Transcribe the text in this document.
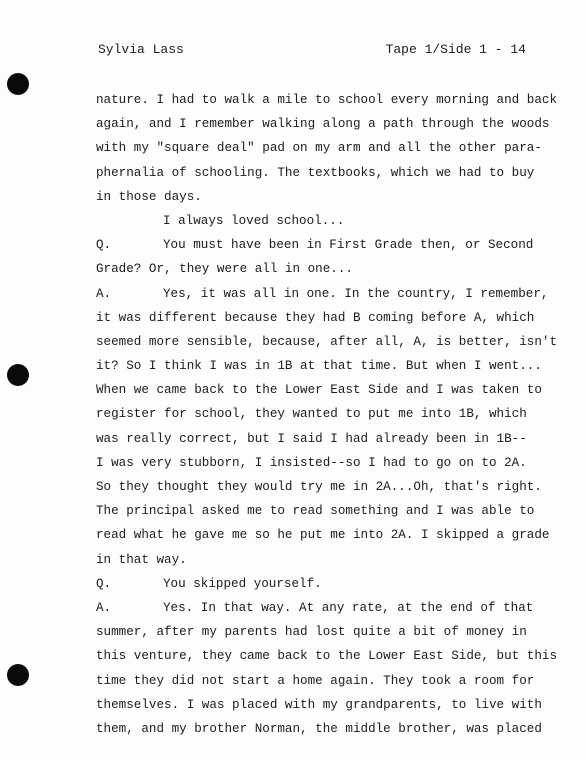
Sylvia Lass	Tape 1/Side 1 - 14
nature. I had to walk a mile to school every morning and back
again, and I remember walking along a path through the woods
with my "square deal" pad on my arm and all the other para-
phernalia of schooling. The textbooks, which we had to buy
in those days.
I always loved school...
Q.	You must have been in First Grade then, or Second
Grade? Or, they were all in one...
A.	Yes, it was all in one. In the country, I remember,
it was different because they had B coming before A, which
seemed more sensible, because, after all, A, is better, isn't
it? So I think I was in 1B at that time. But when I went...
When we came back to the Lower East Side and I was taken to
register for school, they wanted to put me into 1B, which
was really correct, but I said I had already been in 1B--
I was very stubborn, I insisted--so I had to go on to 2A.
So they thought they would try me in 2A...Oh, that's right.
The principal asked me to read something and I was able to
read what he gave me so he put me into 2A. I skipped a grade
in that way.
Q.	You skipped yourself.
A.	Yes. In that way. At any rate, at the end of that
summer, after my parents had lost quite a bit of money in
this venture, they came back to the Lower East Side, but this
time they did not start a home again. They took a room for
themselves. I was placed with my grandparents, to live with
them, and my brother Norman, the middle brother, was placed
